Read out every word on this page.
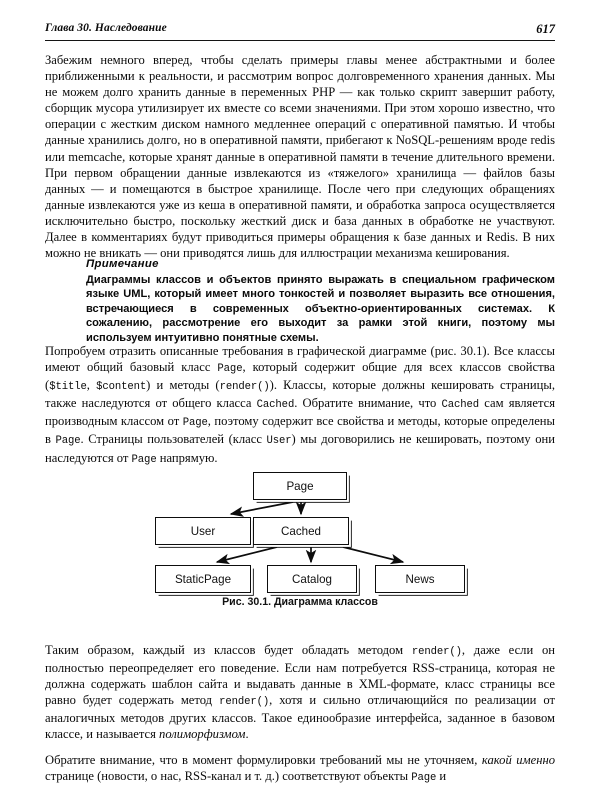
Глава 30. Наследование	617

Забежим немного вперед, чтобы сделать примеры главы менее абстрактными и более приближенными к реальности, и рассмотрим вопрос долговременного хранения данных. Мы не можем долго хранить данные в переменных PHP — как только скрипт завершит работу, сборщик мусора утилизирует их вместе со всеми значениями. При этом хорошо известно, что операции с жестким диском намного медленнее операций с оперативной памятью. И чтобы данные хранились долго, но в оперативной памяти, прибегают к NoSQL-решениям вроде redis или memcache, которые хранят данные в оперативной памяти в течение длительного времени. При первом обращении данные извлекаются из «тяжелого» хранилища — файлов базы данных — и помещаются в быстрое хранилище. После чего при следующих обращениях данные извлекаются уже из кеша в оперативной памяти, и обработка запроса осуществляется исключительно быстро, поскольку жесткий диск и база данных в обработке не участвуют. Далее в комментариях будут приводиться примеры обращения к базе данных и Redis. В них можно не вникать — они приводятся лишь для иллюстрации механизма кеширования.

Примечание

Диаграммы классов и объектов принято выражать в специальном графическом языке UML, который имеет много тонкостей и позволяет выразить все отношения, встречающиеся в современных объектно-ориентированных системах. К сожалению, рассмотрение его выходит за рамки этой книги, поэтому мы используем интуитивно понятные схемы.

Попробуем отразить описанные требования в графической диаграмме (рис. 30.1). Все классы имеют общий базовый класс Page, который содержит общие для всех классов свойства ($title, $content) и методы (render()). Классы, которые должны кешировать страницы, также наследуются от общего класса Cached. Обратите внимание, что Cached сам является производным классом от Page, поэтому содержит все свойства и методы, которые определены в Page. Страницы пользователей (класс User) мы договорились не кешировать, поэтому они наследуются от Page напрямую.

Page
User	Cached
StaticPage	Catalog	News
Рис. 30.1. Диаграмма классов

Таким образом, каждый из классов будет обладать методом render(), даже если он полностью переопределяет его поведение. Если нам потребуется RSS-страница, которая не должна содержать шаблон сайта и выдавать данные в XML-формате, класс страницы все равно будет содержать метод render(), хотя и сильно отличающийся по реализации от аналогичных методов других классов. Такое единообразие интерфейса, заданное в базовом классе, и называется полиморфизмом.

Обратите внимание, что в момент формулировки требований мы не уточняем, какой именно странице (новости, о нас, RSS-канал и т. д.) соответствуют объекты Page и
